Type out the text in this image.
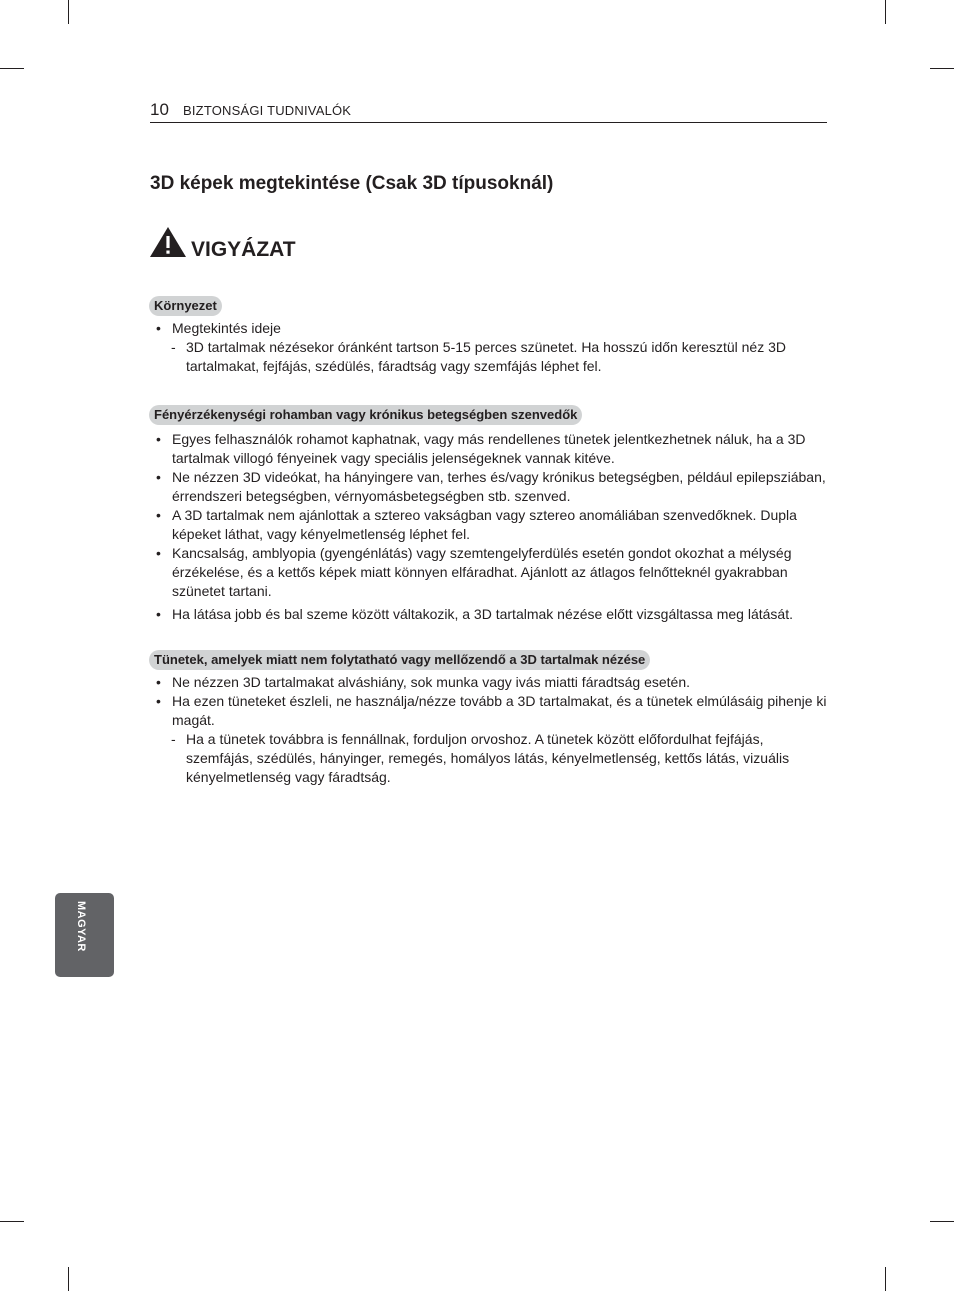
10 BIZTONSÁGI TUDNIVALÓK
3D képek megtekintése (Csak 3D típusoknál)
VIGYÁZAT
Környezet
• Megtekintés ideje
- 3D tartalmak nézésekor óránként tartson 5-15 perces szünetet. Ha hosszú időn keresztül néz 3D tartalmakat, fejfájás, szédülés, fáradtság vagy szemfájás léphet fel.
Fényérzékenységi rohamban vagy krónikus betegségben szenvedők
• Egyes felhasználók rohamot kaphatnak, vagy más rendellenes tünetek jelentkezhetnek náluk, ha a 3D tartalmak villogó fényeinek vagy speciális jelenségeknek vannak kitéve.
• Ne nézzen 3D videókat, ha hányingere van, terhes és/vagy krónikus betegségben, például epilepsziában, érrendszeri betegségben, vérnyomásbetegségben stb. szenved.
• A 3D tartalmak nem ajánlottak a sztereo vakságban vagy sztereo anomáliában szenvedőknek. Dupla képeket láthat, vagy kényelmetlenség léphet fel.
• Kancsalság, amblyopia (gyengénlátás) vagy szemtengelyferdülés esetén gondot okozhat a mélység érzékelése, és a kettős képek miatt könnyen elfáradhat. Ajánlott az átlagos felnőtteknél gyakrabban szünetet tartani.
• Ha látása jobb és bal szeme között váltakozik, a 3D tartalmak nézése előtt vizsgáltassa meg látását.
Tünetek, amelyek miatt nem folytatható vagy mellőzendő a 3D tartalmak nézése
• Ne nézzen 3D tartalmakat alváshiány, sok munka vagy ivás miatti fáradtság esetén.
• Ha ezen tüneteket észleli, ne használja/nézze tovább a 3D tartalmakat, és a tünetek elmúlásáig pihenje ki magát.
- Ha a tünetek továbbra is fennállnak, forduljon orvoshoz. A tünetek között előfordulhat fejfájás, szemfájás, szédülés, hányinger, remegés, homályos látás, kényelmetlenség, kettős látás, vizuális kényelmetlenség vagy fáradtság.
MAGYAR
